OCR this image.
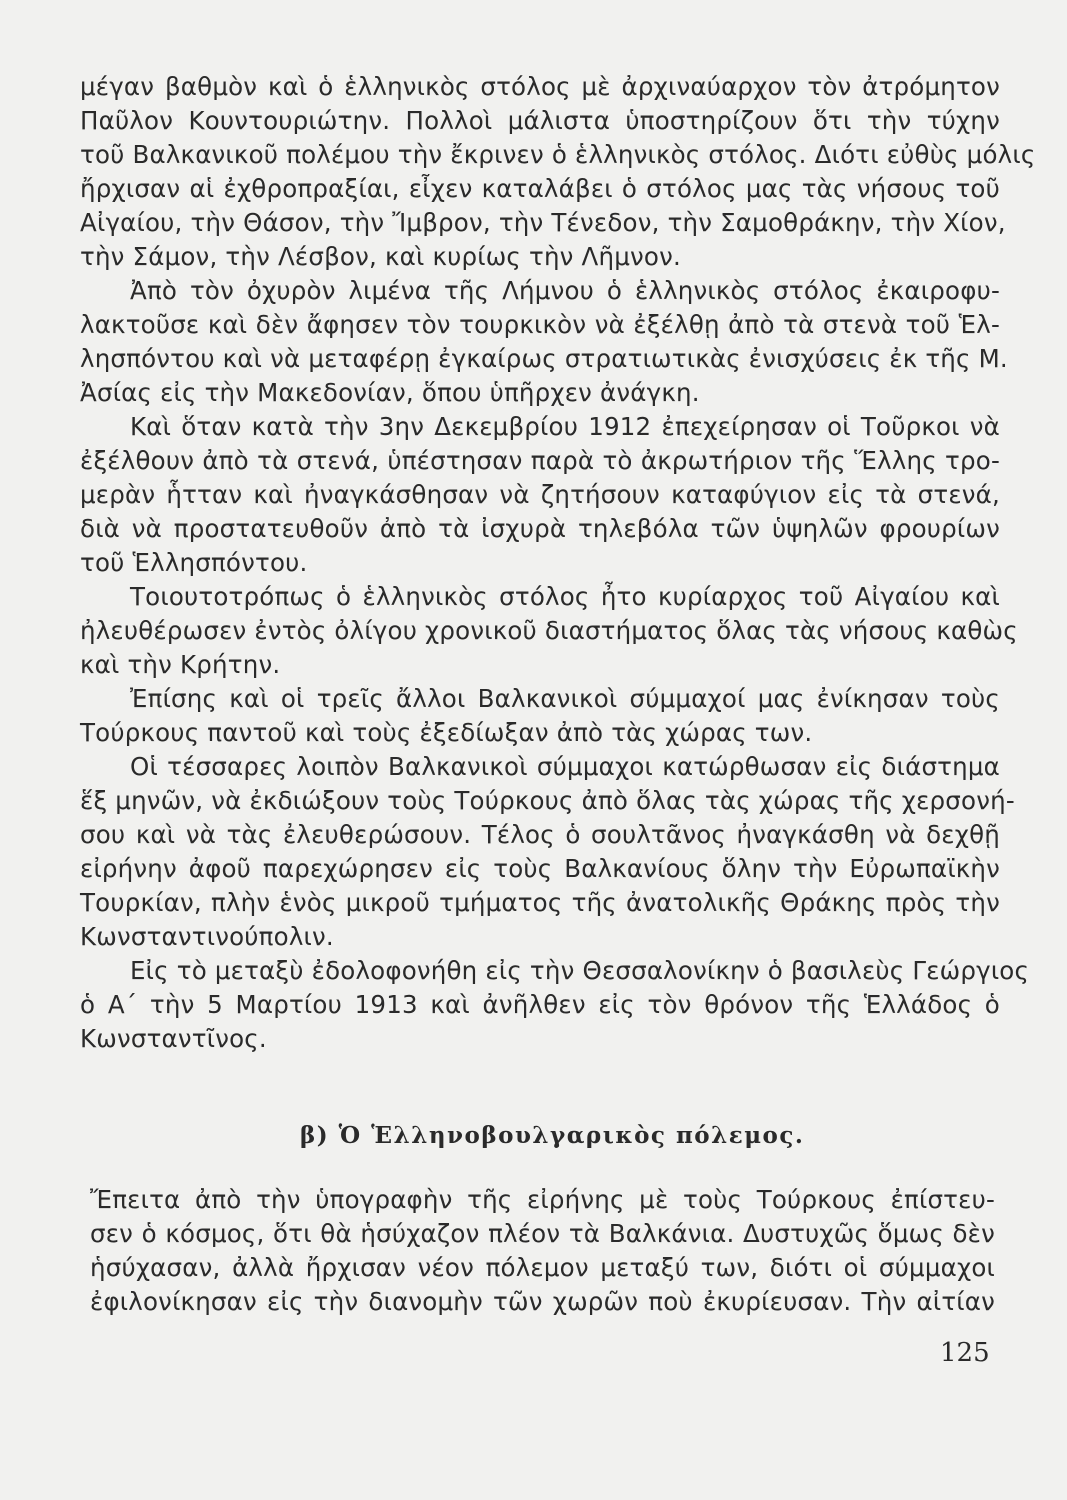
μέγαν βαθμὸν καὶ ὁ ἑλληνικὸς στόλος μὲ ἀρχιναύαρχον τὸν ἀτρόμητον
Παῦλον Κουντουριώτην. Πολλοὶ μάλιστα ὑποστηρίζουν ὅτι τὴν τύχην
τοῦ Βαλκανικοῦ πολέμου τὴν ἔκρινεν ὁ ἑλληνικὸς στόλος. Διότι εὐθὺς μόλις
ἤρχισαν αἱ ἐχθροπραξίαι, εἶχεν καταλάβει ὁ στόλος μας τὰς νήσους τοῦ
Αἰγαίου, τὴν Θάσον, τὴν Ἴμβρον, τὴν Τένεδον, τὴν Σαμοθράκην, τὴν Χίον,
τὴν Σάμον, τὴν Λέσβον, καὶ κυρίως τὴν Λῆμνον.
Ἀπὸ τὸν ὀχυρὸν λιμένα τῆς Λήμνου ὁ ἑλληνικὸς στόλος ἐκαιροφυ-
λακτοῦσε καὶ δὲν ἄφησεν τὸν τουρκικὸν νὰ ἐξέλθῃ ἀπὸ τὰ στενὰ τοῦ Ἑλ-
λησπόντου καὶ νὰ μεταφέρῃ ἐγκαίρως στρατιωτικὰς ἐνισχύσεις ἐκ τῆς Μ.
Ἀσίας εἰς τὴν Μακεδονίαν, ὅπου ὑπῆρχεν ἀνάγκη.
Καὶ ὅταν κατὰ τὴν 3ην Δεκεμβρίου 1912 ἐπεχείρησαν οἱ Τοῦρκοι νὰ
ἐξέλθουν ἀπὸ τὰ στενά, ὑπέστησαν παρὰ τὸ ἀκρωτήριον τῆς Ἕλλης τρο-
μερὰν ἧτταν καὶ ἠναγκάσθησαν νὰ ζητήσουν καταφύγιον εἰς τὰ στενά,
διὰ νὰ προστατευθοῦν ἀπὸ τὰ ἰσχυρὰ τηλεβόλα τῶν ὑψηλῶν φρουρίων
τοῦ Ἑλλησπόντου.
Τοιουτοτρόπως ὁ ἑλληνικὸς στόλος ἦτο κυρίαρχος τοῦ Αἰγαίου καὶ
ἠλευθέρωσεν ἐντὸς ὀλίγου χρονικοῦ διαστήματος ὅλας τὰς νήσους καθὼς
καὶ τὴν Κρήτην.
Ἐπίσης καὶ οἱ τρεῖς ἄλλοι Βαλκανικοὶ σύμμαχοί μας ἐνίκησαν τοὺς
Τούρκους παντοῦ καὶ τοὺς ἐξεδίωξαν ἀπὸ τὰς χώρας των.
Οἱ τέσσαρες λοιπὸν Βαλκανικοὶ σύμμαχοι κατώρθωσαν εἰς διάστημα
ἕξ μηνῶν, νὰ ἐκδιώξουν τοὺς Τούρκους ἀπὸ ὅλας τὰς χώρας τῆς χερσονή-
σου καὶ νὰ τὰς ἐλευθερώσουν. Τέλος ὁ σουλτᾶνος ἠναγκάσθη νὰ δεχθῇ
εἰρήνην ἀφοῦ παρεχώρησεν εἰς τοὺς Βαλκανίους ὅλην τὴν Εὐρωπαϊκὴν
Τουρκίαν, πλὴν ἑνὸς μικροῦ τμήματος τῆς ἀνατολικῆς Θράκης πρὸς τὴν
Κωνσταντινούπολιν.
Εἰς τὸ μεταξὺ ἐδολοφονήθη εἰς τὴν Θεσσαλονίκην ὁ βασιλεὺς Γεώργιος
ὁ Α΄ τὴν 5 Μαρτίου 1913 καὶ ἀνῆλθεν εἰς τὸν θρόνον τῆς Ἑλλάδος ὁ
Κωνσταντῖνος.
β) Ὁ Ἑλληνοβουλγαρικὸς πόλεμος.
Ἔπειτα ἀπὸ τὴν ὑπογραφὴν τῆς εἰρήνης μὲ τοὺς Τούρκους ἐπίστευ-
σεν ὁ κόσμος, ὅτι θὰ ἡσύχαζον πλέον τὰ Βαλκάνια. Δυστυχῶς ὅμως δὲν
ἡσύχασαν, ἀλλὰ ἤρχισαν νέον πόλεμον μεταξύ των, διότι οἱ σύμμαχοι
ἐφιλονίκησαν εἰς τὴν διανομὴν τῶν χωρῶν ποὺ ἐκυρίευσαν. Τὴν αἰτίαν
125
